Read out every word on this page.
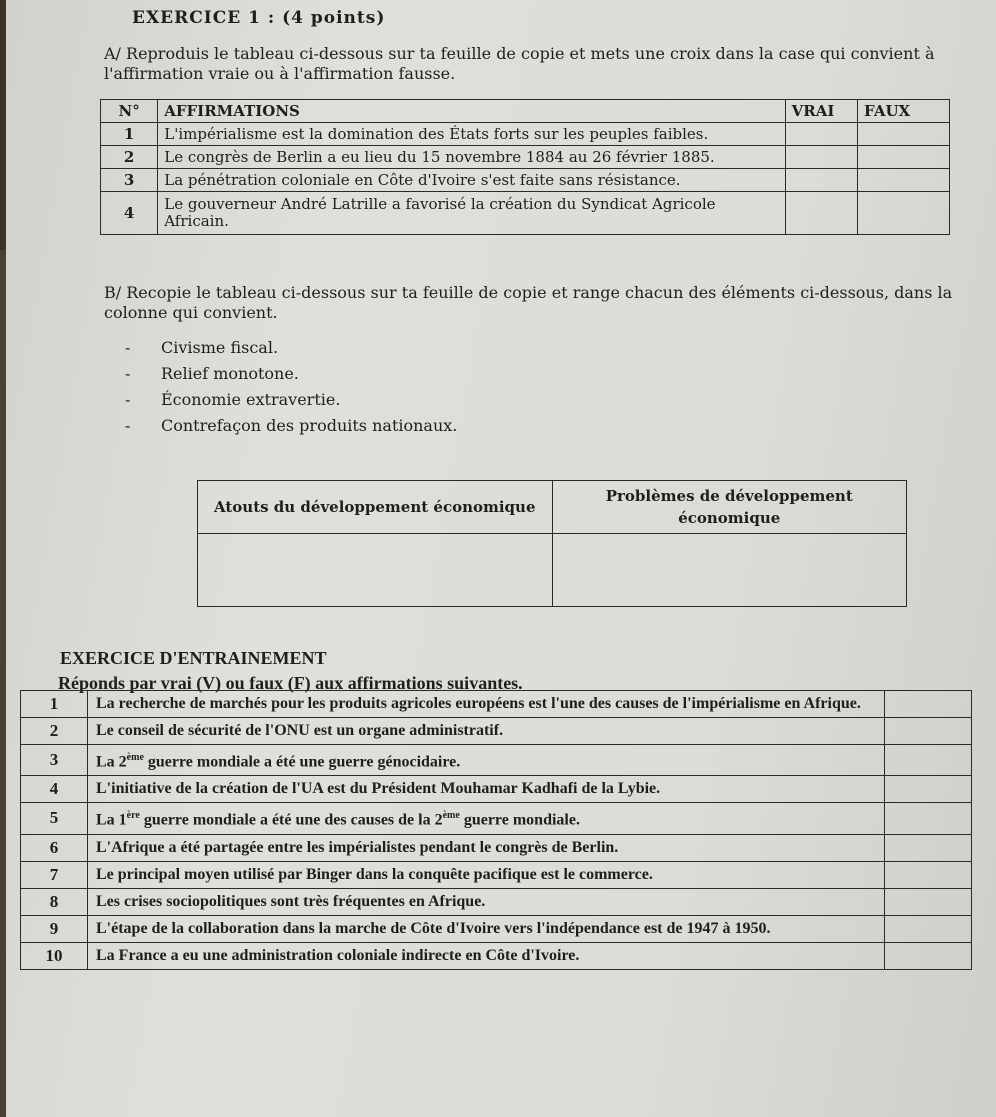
EXERCICE 1 : (4 points)
A/ Reproduis le tableau ci-dessous sur ta feuille de copie et mets une croix dans la case qui convient à l'affirmation vraie ou à l'affirmation fausse.
N°	AFFIRMATIONS	VRAI	FAUX
1	L'impérialisme est la domination des États forts sur les peuples faibles.		
2	Le congrès de Berlin a eu lieu du 15 novembre 1884 au 26 février 1885.		
3	La pénétration coloniale en Côte d'Ivoire s'est faite sans résistance.		
4	Le gouverneur André Latrille a favorisé la création du Syndicat Agricole Africain.		
B/ Recopie le tableau ci-dessous sur ta feuille de copie et range chacun des éléments ci-dessous, dans la colonne qui convient.
- Civisme fiscal.
- Relief monotone.
- Économie extravertie.
- Contrefaçon des produits nationaux.
Atouts du développement économique	Problèmes de développement économique

EXERCICE D'ENTRAINEMENT
Réponds par vrai (V) ou faux (F) aux affirmations suivantes.
1	La recherche de marchés pour les produits agricoles européens est l'une des causes de l'impérialisme en Afrique.	
2	Le conseil de sécurité de l'ONU est un organe administratif.	
3	La 2ème guerre mondiale a été une guerre génocidaire.	
4	L'initiative de la création de l'UA est du Président Mouhamar Kadhafi de la Lybie.	
5	La 1ère guerre mondiale a été une des causes de la 2ème guerre mondiale.	
6	L'Afrique a été partagée entre les impérialistes pendant le congrès de Berlin.	
7	Le principal moyen utilisé par Binger dans la conquête pacifique est le commerce.	
8	Les crises sociopolitiques sont très fréquentes en Afrique.	
9	L'étape de la collaboration dans la marche de Côte d'Ivoire vers l'indépendance est de 1947 à 1950.	
10	La France a eu une administration coloniale indirecte en Côte d'Ivoire.	
